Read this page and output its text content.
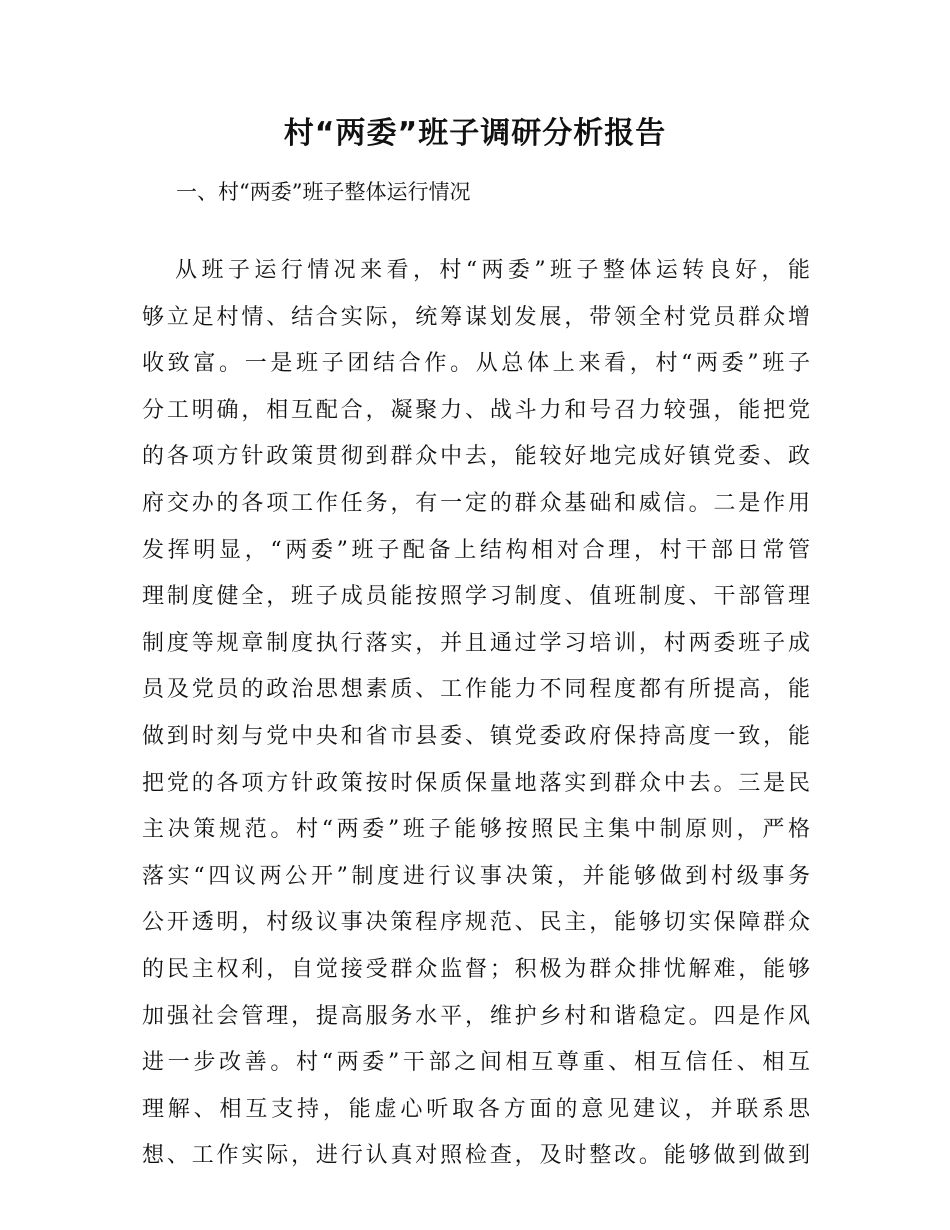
村“两委”班子调研分析报告

一、村“两委”班子整体运行情况

从班子运行情况来看，村“两委”班子整体运转良好，能
够立足村情、结合实际，统筹谋划发展，带领全村党员群众增
收致富。一是班子团结合作。从总体上来看，村“两委”班子
分工明确，相互配合，凝聚力、战斗力和号召力较强，能把党
的各项方针政策贯彻到群众中去，能较好地完成好镇党委、政
府交办的各项工作任务，有一定的群众基础和威信。二是作用
发挥明显，“两委”班子配备上结构相对合理，村干部日常管
理制度健全，班子成员能按照学习制度、值班制度、干部管理
制度等规章制度执行落实，并且通过学习培训，村两委班子成
员及党员的政治思想素质、工作能力不同程度都有所提高，能
做到时刻与党中央和省市县委、镇党委政府保持高度一致，能
把党的各项方针政策按时保质保量地落实到群众中去。三是民
主决策规范。村“两委”班子能够按照民主集中制原则，严格
落实“四议两公开”制度进行议事决策，并能够做到村级事务
公开透明，村级议事决策程序规范、民主，能够切实保障群众
的民主权利，自觉接受群众监督；积极为群众排忧解难，能够
加强社会管理，提高服务水平，维护乡村和谐稳定。四是作风
进一步改善。村“两委”干部之间相互尊重、相互信任、相互
理解、相互支持，能虚心听取各方面的意见建议，并联系思
想、工作实际，进行认真对照检查，及时整改。能够做到做到
